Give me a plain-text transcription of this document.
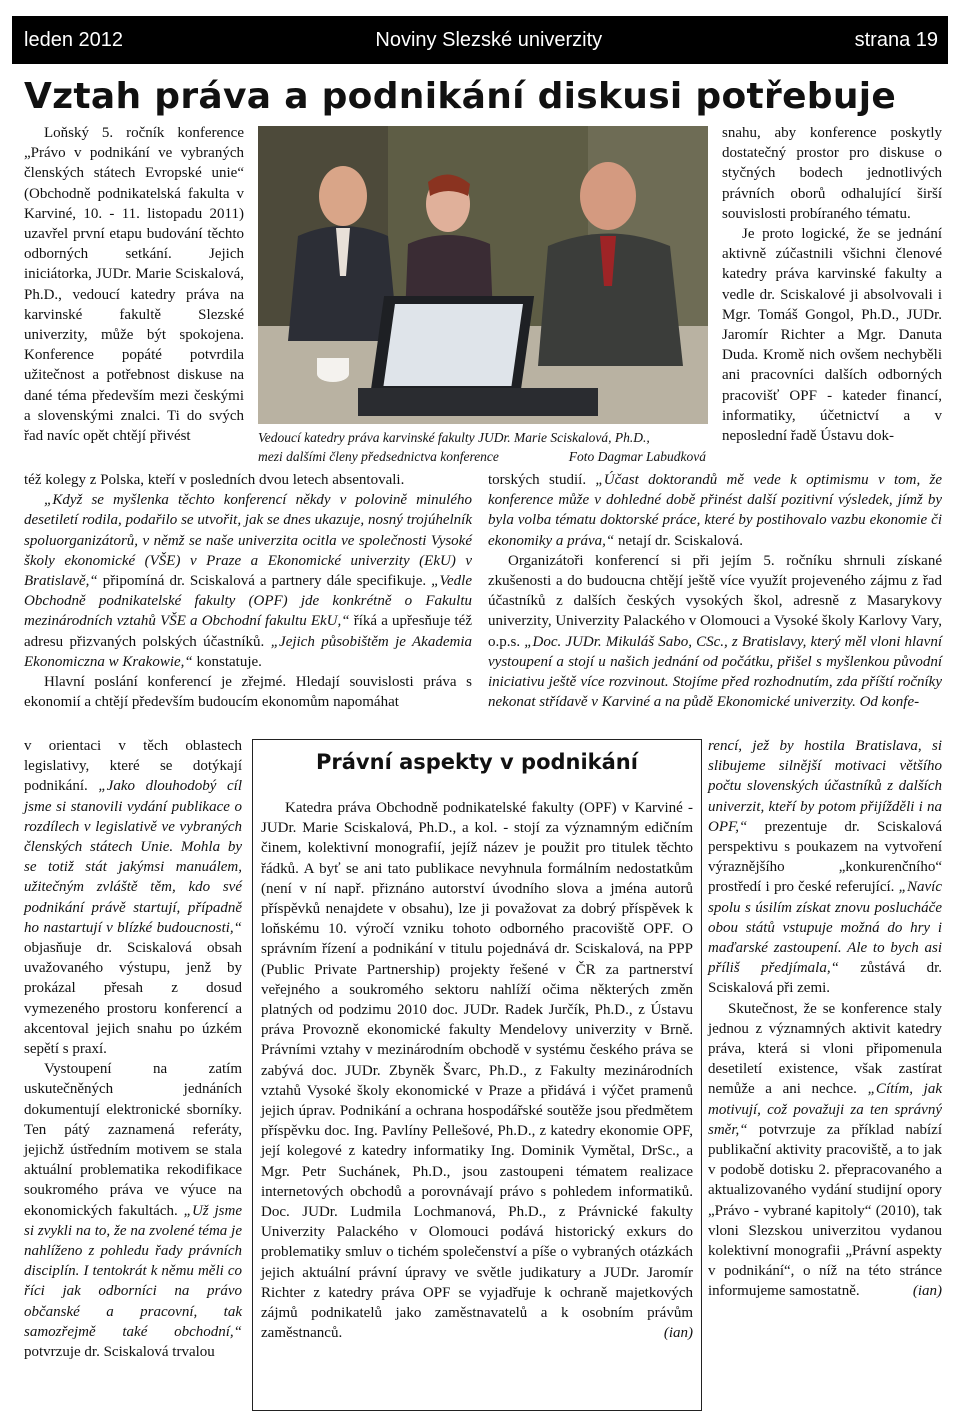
leden 2012	Noviny Slezské univerzity	strana 19
Vztah práva a podnikání diskusi potřebuje

Loňský 5. ročník konference „Právo v podnikání ve vybraných členských státech Evropské unie“ (Obchodně podnikatelská fakulta v Karviné, 10. - 11. listopadu 2011) uzavřel první etapu budování těchto odborných setkání. Jejich iniciátorka, JUDr. Marie Sciskalová, Ph.D., vedoucí katedry práva na karvinské fakultě Slezské univerzity, může být spokojena. Konference popáté potvrdila užitečnost a potřebnost diskuse na dané téma především mezi českými a slovenskými znalci. Ti do svých řad navíc opět chtějí přivést	Vedoucí katedry práva karvinské fakulty JUDr. Marie Sciskalová, Ph.D.,
mezi dalšími členy předsednictva konference	Foto Dagmar Labudková

snahu, aby konference poskytly dostatečný prostor pro diskuse o styčných bodech jednotlivých právních oborů odhalující širší souvislosti probíraného tématu.

Je proto logické, že se jednání aktivně zúčastnili všichni členové katedry práva karvinské fakulty a vedle dr. Sciskalové ji absolvovali i Mgr. Tomáš Gongol, Ph.D., JUDr. Jaromír Richter a Mgr. Danuta Duda. Kromě nich ovšem nechyběli ani pracovníci dalších odborných pracovišť OPF - kateder financí, informatiky, účetnictví a v neposlední řadě Ústavu dok-

též kolegy z Polska, kteří v posledních dvou letech absentovali.

„Když se myšlenka těchto konferencí někdy v polovině minulého desetiletí rodila, podařilo se utvořit, jak se dnes ukazuje, nosný trojúhelník spoluorganizátorů, v němž se naše univerzita ocitla ve společnosti Vysoké školy ekonomické (VŠE) v Praze a Ekonomické univerzity (EkU) v Bratislavě,“ připomíná dr. Sciskalová a partnery dále specifikuje. „Vedle Obchodně podnikatelské fakulty (OPF) jde konkrétně o Fakultu mezinárodních vztahů VŠE a Obchodní fakultu EkU,“ říká a upřesňuje též adresu přizvaných polských účastníků. „Jejich působištěm je Akademia Ekonomiczna w Krakowie,“ konstatuje.

Hlavní poslání konferencí je zřejmé. Hledají souvislosti práva s ekonomií a chtějí především budoucím ekonomům napomáhat

torských studií. „Účast doktorandů mě vede k optimismu v tom, že konference může v dohledné době přinést další pozitivní výsledek, jímž by byla volba tématu doktorské práce, které by postihovalo vazbu ekonomie či ekonomiky a práva,“ netají dr. Sciskalová.

Organizátoři konferencí si při jejím 5. ročníku shrnuli získané zkušenosti a do budoucna chtějí ještě více využít projeveného zájmu z řad účastníků z dalších českých vysokých škol, adresně z Masarykovy univerzity, Univerzity Palackého v Olomouci a Vysoké školy Karlovy Vary, o.p.s. „Doc. JUDr. Mikuláš Sabo, CSc., z Bratislavy, který měl vloni hlavní vystoupení a stojí u našich jednání od počátku, přišel s myšlenkou původní iniciativu ještě více rozvinout. Stojíme před rozhodnutím, zda příští ročníky nekonat střídavě v Karviné a na půdě Ekonomické univerzity. Od konfe-

v orientaci v těch oblastech legislativy, které se dotýkají podnikání. „Jako dlouhodobý cíl jsme si stanovili vydání publikace o rozdílech v legislativě ve vybraných členských státech Unie. Mohla by se totiž stát jakýmsi manuálem, užitečným zvláště těm, kdo své podnikání právě startují, případně ho nastartují v blízké budoucnosti,“ objasňuje dr. Sciskalová obsah uvažovaného výstupu, jenž by prokázal přesah z dosud vymezeného prostoru konferencí a akcentoval jejich snahu po úzkém sepětí s praxí.

Vystoupení na zatím uskutečněných jednáních dokumentují elektronické sborníky. Ten pátý zaznamená referáty, jejichž ústředním motivem se stala aktuální problematika rekodifikace soukromého práva ve výuce na ekonomických fakultách. „Už jsme si zvykli na to, že na zvolené téma je nahlíženo z pohledu řady právních disciplín. I tentokrát k němu měli co říci jak odborníci na právo občanské a pracovní, tak samozřejmě také obchodní,“ potvrzuje dr. Sciskalová trvalou

Právní aspekty v podnikání

Katedra práva Obchodně podnikatelské fakulty (OPF) v Karviné - JUDr. Marie Sciskalová, Ph.D., a kol. - stojí za významným edičním činem, kolektivní monografií, jejíž název je použit pro titulek těchto řádků. A byť se ani tato publikace nevyhnula formálním nedostatkům (není v ní např. přiznáno autorství úvodního slova a jména autorů příspěvků nenajdete v obsahu), lze ji považovat za dobrý příspěvek k loňskému 10. výročí vzniku tohoto odborného pracoviště OPF. O správním řízení a podnikání v titulu pojednává dr. Sciskalová, na PPP (Public Private Partnership) projekty řešené v ČR za partnerství veřejného a soukromého sektoru nahlíží očima některých změn platných od podzimu 2010 doc. JUDr. Radek Jurčík, Ph.D., z Ústavu práva Provozně ekonomické fakulty Mendelovy univerzity v Brně. Právními vztahy v mezinárodním obchodě v systému českého práva se zabývá doc. JUDr. Zbyněk Švarc, Ph.D., z Fakulty mezinárodních vztahů Vysoké školy ekonomické v Praze a přidává i výčet pramenů jejich úprav. Podnikání a ochrana hospodářské soutěže jsou předmětem příspěvku doc. Ing. Pavlíny Pellešové, Ph.D., z katedry ekonomie OPF, její kolegové z katedry informatiky Ing. Dominik Vymětal, DrSc., a Mgr. Petr Suchánek, Ph.D., jsou zastoupeni tématem realizace internetových obchodů a porovnávají právo s pohledem informatiků. Doc. JUDr. Ludmila Lochmanová, Ph.D., z Právnické fakulty Univerzity Palackého v Olomouci podává historický exkurs do problematiky smluv o tichém společenství a píše o vybraných otázkách jejich aktuální právní úpravy ve světle judikatury a JUDr. Jaromír Richter z katedry práva OPF se vyjadřuje k ochraně majetkových zájmů podnikatelů jako zaměstnavatelů a k osobním právům zaměstnanců.	(ian)

rencí, jež by hostila Bratislava, si slibujeme silnější motivaci většího počtu slovenských účastníků z dalších univerzit, kteří by potom přijížděli i na OPF,“ prezentuje dr. Sciskalová perspektivu s poukazem na vytvoření výraznějšího „konkurenčního“ prostředí i pro české referující. „Navíc spolu s úsilím získat znovu poslucháče obou států vstupuje možná do hry i maďarské zastoupení. Ale to bych asi příliš předjímala,“ zůstává dr. Sciskalová při zemi.

Skutečnost, že se konference staly jednou z významných aktivit katedry práva, která si vloni připomenula desetiletí existence, však zastírat nemůže a ani nechce. „Cítím, jak motivují, což považuji za ten správný směr,“ potvrzuje za příklad nabízí publikační aktivity pracoviště, a to jak v podobě dotisku 2. přepracovaného a aktualizovaného vydání studijní opory „Právo - vybrané kapitoly“ (2010), tak vloni Slezskou univerzitou vydanou kolektivní monografii „Právní aspekty v podnikání“, o níž na této stránce informujeme samostatně.	(ian)
